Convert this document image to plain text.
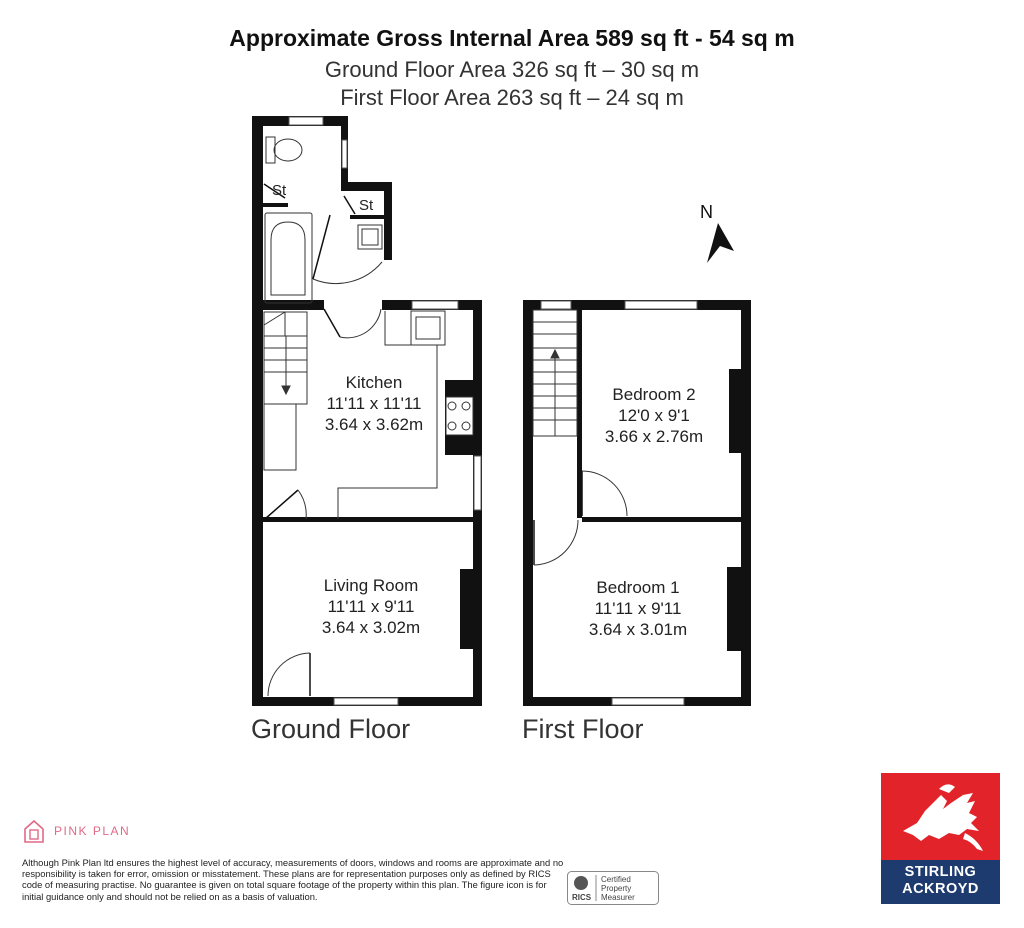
Approximate Gross Internal Area 589 sq ft - 54 sq m
Ground Floor Area 326 sq ft – 30 sq m
First Floor Area 263 sq ft – 24 sq m
St
St	N
Kitchen
11'11 x 11'11
3.64 x 3.62m
Living Room
11'11 x 9'11
3.64 x 3.02m
Bedroom 2
12'0 x 9'1
3.66 x 2.76m
Bedroom 1
11'11 x 9'11
3.64 x 3.01m
Ground Floor	First Floor
PINK PLAN
Although Pink Plan ltd ensures the highest level of accuracy, measurements of doors, windows and rooms are approximate and no responsibility is taken for error, omission or misstatement. These plans are for representation purposes only as defined by RICS code of measuring practise. No guarantee is given on total square footage of the property within this plan. The figure icon is for initial guidance only and should not be relied on as a basis of valuation.	RICS
Certified
Property
Measurer
STIRLING
ACKROYD
